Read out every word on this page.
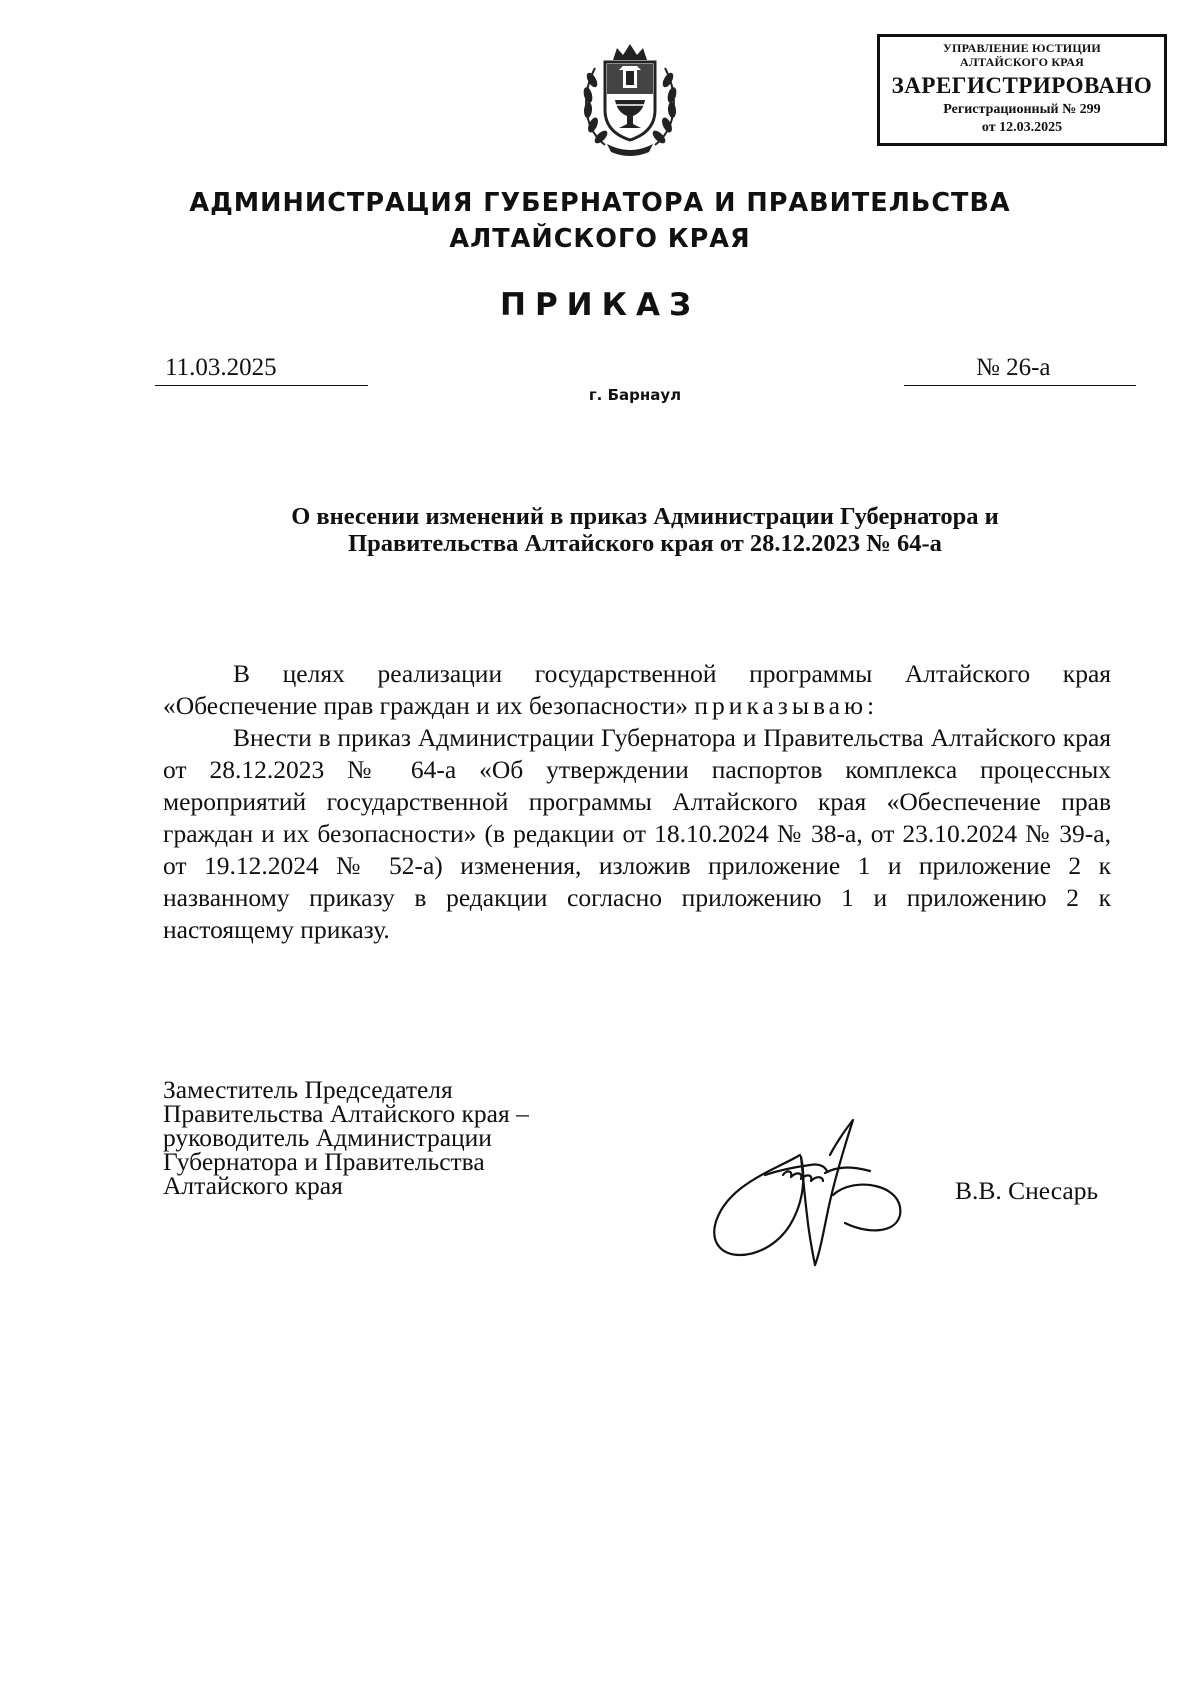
УПРАВЛЕНИЕ ЮСТИЦИИ
АЛТАЙСКОГО КРАЯ
ЗАРЕГИСТРИРОВАНО
Регистрационный № 299
от 12.03.2025
АДМИНИСТРАЦИЯ ГУБЕРНАТОРА И ПРАВИТЕЛЬСТВА
АЛТАЙСКОГО КРАЯ
ПРИКАЗ
11.03.2025	№ 26-а
г. Барнаул
О внесении изменений в приказ Администрации Губернатора и
Правительства Алтайского края от 28.12.2023 № 64-а

В целях реализации государственной программы Алтайского края «Обеспечение прав граждан и их безопасности» приказываю:

Внести в приказ Администрации Губернатора и Правительства Алтайского края от 28.12.2023 № 64-а «Об утверждении паспортов комплекса процессных мероприятий государственной программы Алтайского края «Обеспечение прав граждан и их безопасности» (в редакции от 18.10.2024 № 38-а, от 23.10.2024 № 39-а, от 19.12.2024 № 52-а) изменения, изложив приложение 1 и приложение 2 к названному приказу в редакции согласно приложению 1 и приложению 2 к настоящему приказу.

Заместитель Председателя
Правительства Алтайского края –
руководитель Администрации
Губернатора и Правительства
Алтайского края	В.В. Снесарь
